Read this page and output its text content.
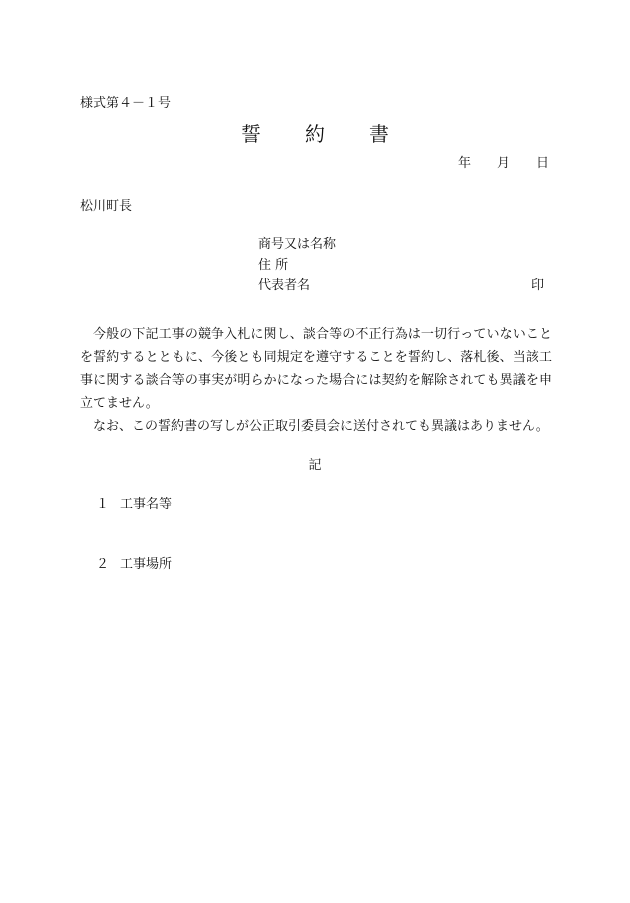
様式第４－１号
誓 約 書
年 月 日
松川町長
商号又は名称
住 所
代表者名	印

今般の下記工事の競争入札に関し、談合等の不正行為は一切行っていないことを誓約するとともに、今後とも同規定を遵守することを誓約し、落札後、当該工事に関する談合等の事実が明らかになった場合には契約を解除されても異議を申立てません。

なお、この誓約書の写しが公正取引委員会に送付されても異議はありません。

記
１ 工事名等
２ 工事場所
